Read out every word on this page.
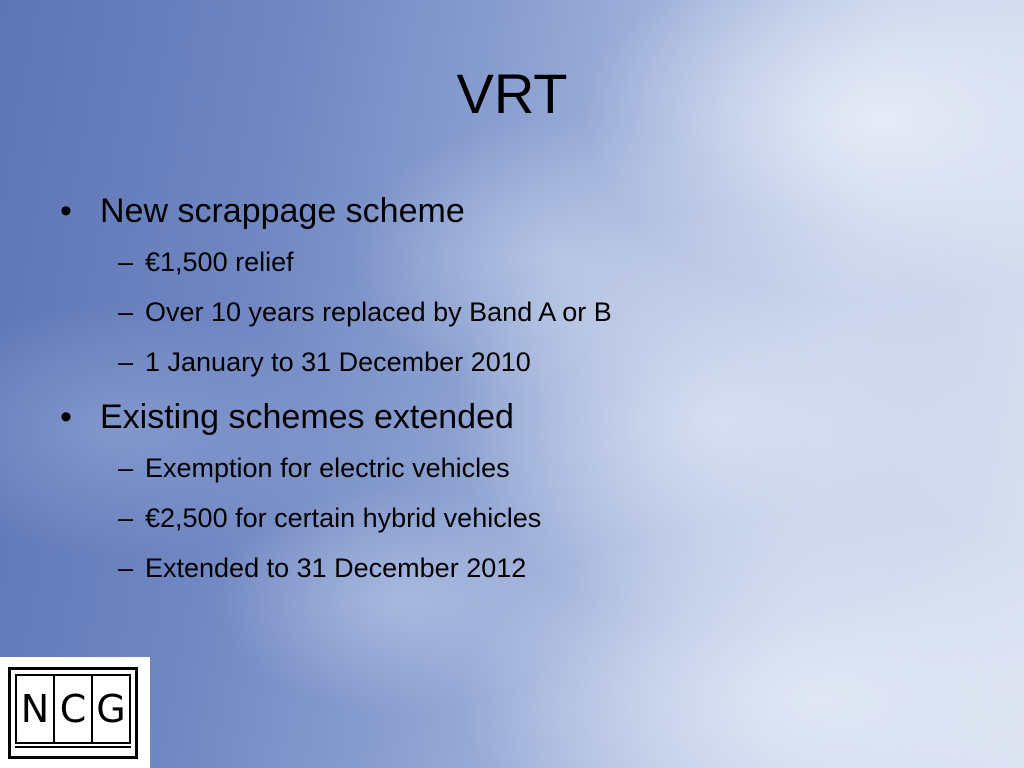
VRT
• New scrappage scheme
– €1,500 relief
– Over 10 years replaced by Band A or B
– 1 January to 31 December 2010
• Existing schemes extended
– Exemption for electric vehicles
– €2,500 for certain hybrid vehicles
– Extended to 31 December 2012
N C G
